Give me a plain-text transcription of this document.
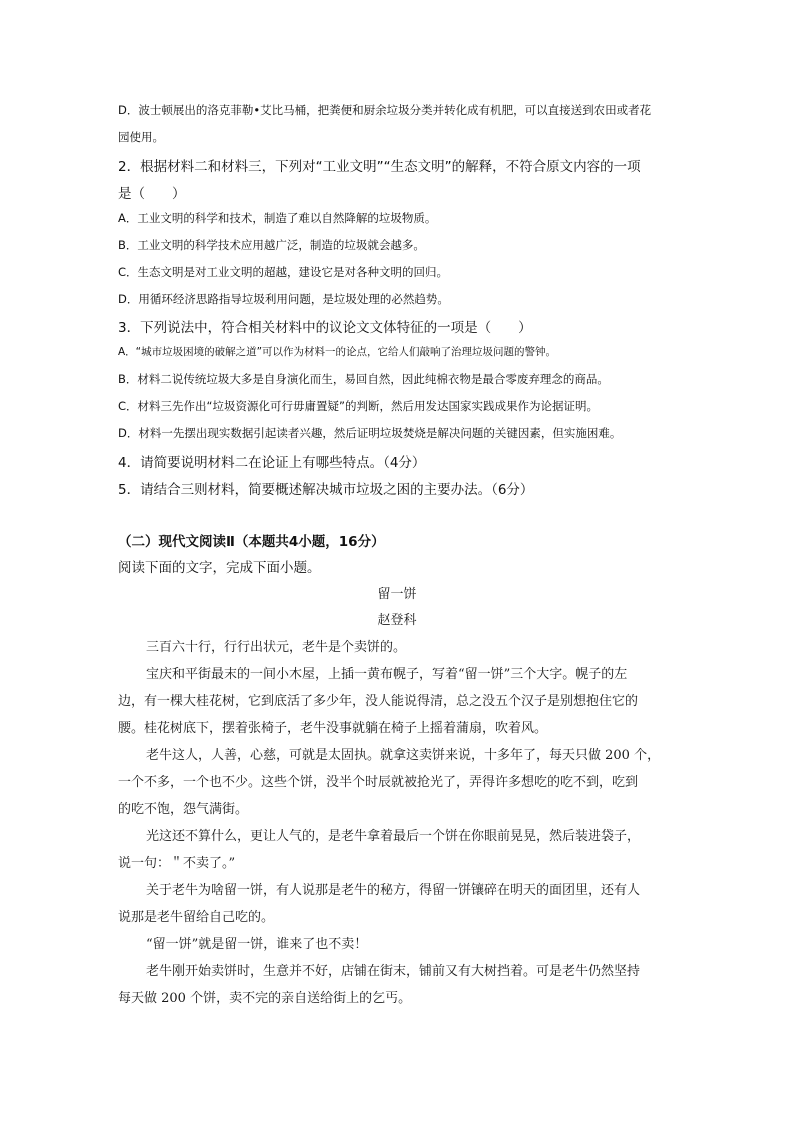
D．波士顿展出的洛克菲勒•艾比马桶，把粪便和厨余垃圾分类并转化成有机肥，可以直接送到农田或者花
园使用。
2．根据材料二和材料三，下列对“工业文明”“生态文明”的解释，不符合原文内容的一项
是（　　）
A．工业文明的科学和技术，制造了难以自然降解的垃圾物质。
B．工业文明的科学技术应用越广泛，制造的垃圾就会越多。
C．生态文明是对工业文明的超越，建设它是对各种文明的回归。
D．用循环经济思路指导垃圾利用问题，是垃圾处理的必然趋势。
3．下列说法中，符合相关材料中的议论文文体特征的一项是（　　）
A．“城市垃圾困境的破解之道”可以作为材料一的论点，它给人们敲响了治理垃圾问题的警钟。
B．材料二说传统垃圾大多是自身演化而生，易回自然，因此纯棉衣物是最合零废弃理念的商品。
C．材料三先作出“垃圾资源化可行毋庸置疑”的判断，然后用发达国家实践成果作为论据证明。
D．材料一先摆出现实数据引起读者兴趣，然后证明垃圾焚烧是解决问题的关键因素，但实施困难。
4．请简要说明材料二在论证上有哪些特点。（4分）
5．请结合三则材料，简要概述解决城市垃圾之困的主要办法。（6分）
（二）现代文阅读Ⅱ（本题共4小题，16分）
阅读下面的文字，完成下面小题。
留一饼
赵登科
三百六十行，行行出状元，老牛是个卖饼的。
宝庆和平街最末的一间小木屋，上插一黄布幌子，写着“留一饼”三个大字。幌子的左
边，有一棵大桂花树，它到底活了多少年，没人能说得清，总之没五个汉子是别想抱住它的
腰。桂花树底下，摆着张椅子，老牛没事就躺在椅子上摇着蒲扇，吹着风。
老牛这人，人善，心慈，可就是太固执。就拿这卖饼来说，十多年了，每天只做 200 个，
一个不多，一个也不少。这些个饼，没半个时辰就被抢光了，弄得许多想吃的吃不到，吃到
的吃不饱，怨气满街。
光这还不算什么，更让人气的，是老牛拿着最后一个饼在你眼前晃晃，然后装进袋子，
说一句：＂不卖了。”
关于老牛为啥留一饼，有人说那是老牛的秘方，得留一饼镶碎在明天的面团里，还有人
说那是老牛留给自己吃的。
“留一饼”就是留一饼，谁来了也不卖！
老牛刚开始卖饼时，生意并不好，店铺在街末，铺前又有大树挡着。可是老牛仍然坚持
每天做 200 个饼，卖不完的亲自送给街上的乞丐。
